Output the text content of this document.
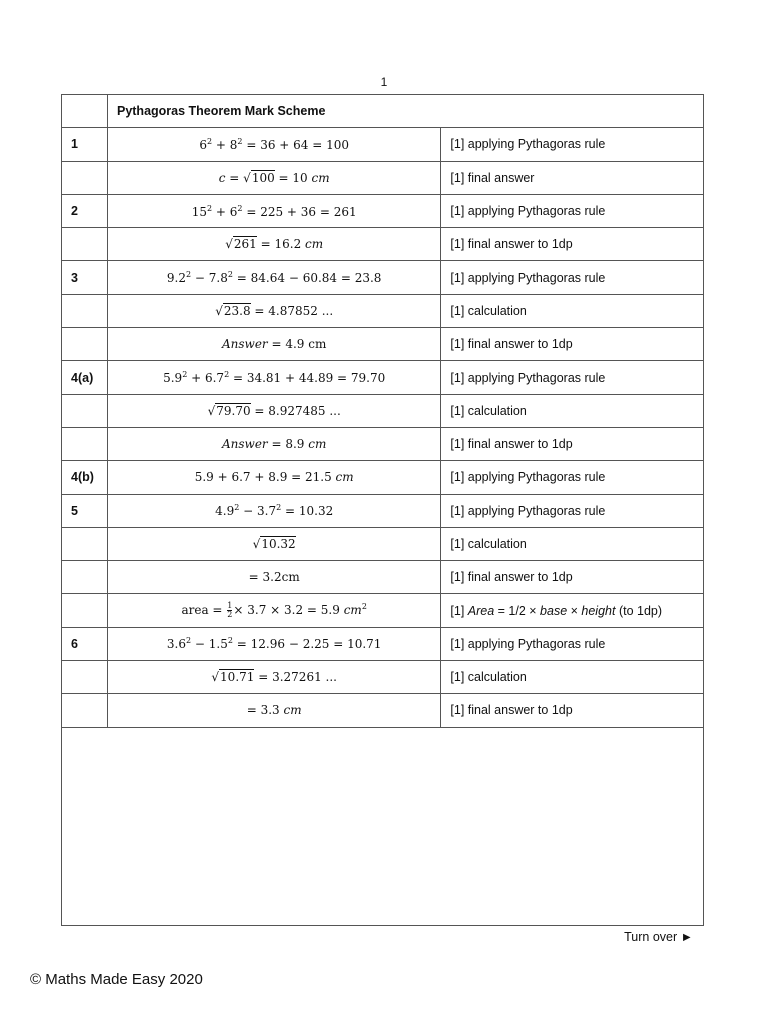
1
	Pythagoras Theorem Mark Scheme	
1	$6^2 + 8^2 = 36 + 64 = 100$	[1] applying Pythagoras rule
	c = √100 = 10 cm	[1] final answer
2	$15^2 + 6^2 = 225 + 36 = 261$	[1] applying Pythagoras rule
	√261 = 16.2 cm	[1] final answer to 1dp
3	$9.2^2 - 7.8^2 = 84.64 - 60.84 = 23.8$	[1] applying Pythagoras rule
	√23.8 = 4.87852 ...	[1] calculation
	Answer = 4.9 cm	[1] final answer to 1dp
4(a)	$5.9^2 + 6.7^2 = 34.81 + 44.89 = 79.70$	[1] applying Pythagoras rule
	√79.70 = 8.927485 ...	[1] calculation
	Answer = 8.9 cm	[1] final answer to 1dp
4(b)	5.9 + 6.7 + 8.9 = 21.5 cm	[1] applying Pythagoras rule
5	$4.9^2 - 3.7^2 = 10.32$	[1] applying Pythagoras rule
	√10.32	[1] calculation
	= 3.2cm	[1] final answer to 1dp
	area = $\frac{1}{2} \times 3.7 \times 3.2 = 5.9$ $cm^2$	[1] Area = 1/2 × base × height (to 1dp)
6	$3.6^2 - 1.5^2 = 12.96 - 2.25 = 10.71$	[1] applying Pythagoras rule
	√10.71 = 3.27261 ...	[1] calculation
	= 3.3 cm	[1] final answer to 1dp
Turn over ►
© Maths Made Easy 2020
